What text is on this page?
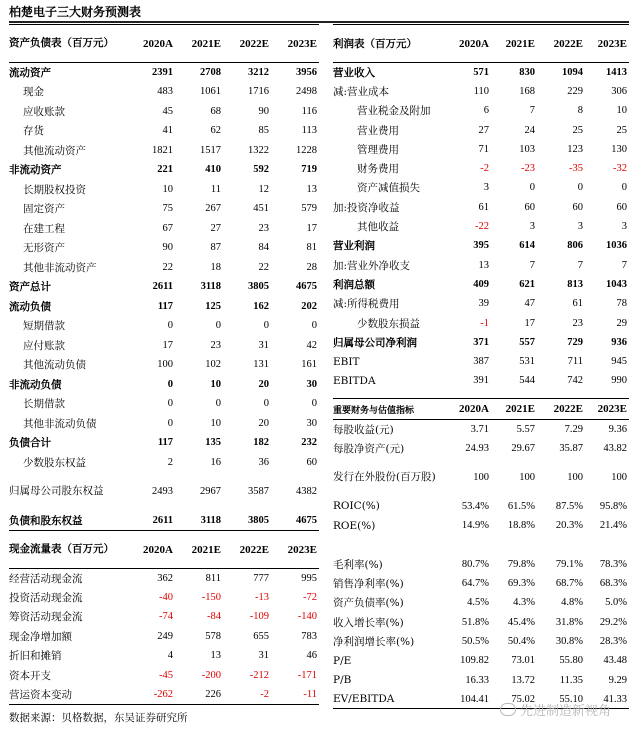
柏楚电子三大财务预测表
资产负债表（百万元）	2020A	2021E	2022E	2023E
流动资产	2391	2708	3212	3956
现金	483	1061	1716	2498
应收账款	45	68	90	116
存货	41	62	85	113
其他流动资产	1821	1517	1322	1228
非流动资产	221	410	592	719
长期股权投资	10	11	12	13
固定资产	75	267	451	579
在建工程	67	27	23	17
无形资产	90	87	84	81
其他非流动资产	22	18	22	28
资产总计	2611	3118	3805	4675
流动负债	117	125	162	202
短期借款	0	0	0	0
应付账款	17	23	31	42
其他流动负债	100	102	131	161
非流动负债	0	10	20	30
长期借款	0	0	0	0
其他非流动负债	0	10	20	30
负债合计	117	135	182	232
少数股东权益	2	16	36	60
归属母公司股东权益	2493	2967	3587	4382
负债和股东权益	2611	3118	3805	4675
利润表（百万元）	2020A	2021E	2022E	2023E
营业收入	571	830	1094	1413
减:营业成本	110	168	229	306
营业税金及附加	6	7	8	10
营业费用	27	24	25	25
管理费用	71	103	123	130
财务费用	-2	-23	-35	-32
资产减值损失	3	0	0	0
加:投资净收益	61	60	60	60
其他收益	-22	3	3	3
营业利润	395	614	806	1036
加:营业外净收支	13	7	7	7
利润总额	409	621	813	1043
减:所得税费用	39	47	61	78
少数股东损益	-1	17	23	29
归属母公司净利润	371	557	729	936
EBIT	387	531	711	945
EBITDA	391	544	742	990
重要财务与估值指标	2020A	2021E	2022E	2023E
每股收益(元)	3.71	5.57	7.29	9.36
每股净资产(元)	24.93	29.67	35.87	43.82
发行在外股份(百万股)	100	100	100	100
ROIC(%)	53.4%	61.5%	87.5%	95.8%
ROE(%)	14.9%	18.8%	20.3%	21.4%

毛利率(%)	80.7%	79.8%	79.1%	78.3%
销售净利率(%)	64.7%	69.3%	68.7%	68.3%
资产负债率(%)	4.5%	4.3%	4.8%	5.0%
收入增长率(%)	51.8%	45.4%	31.8%	29.2%
净利润增长率(%)	50.5%	50.4%	30.8%	28.3%
P/E	109.82	73.01	55.80	43.48
P/B	16.33	13.72	11.35	9.29
EV/EBITDA	104.41	75.02	55.10	41.33
现金流量表（百万元）	2020A	2021E	2022E	2023E
经营活动现金流	362	811	777	995
投资活动现金流	-40	-150	-13	-72
筹资活动现金流	-74	-84	-109	-140
现金净增加额	249	578	655	783
折旧和摊销	4	13	31	46
资本开支	-45	-200	-212	-171
营运资本变动	-262	226	-2	-11
数据来源：贝格数据，东吴证券研究所	先进制造新视角
